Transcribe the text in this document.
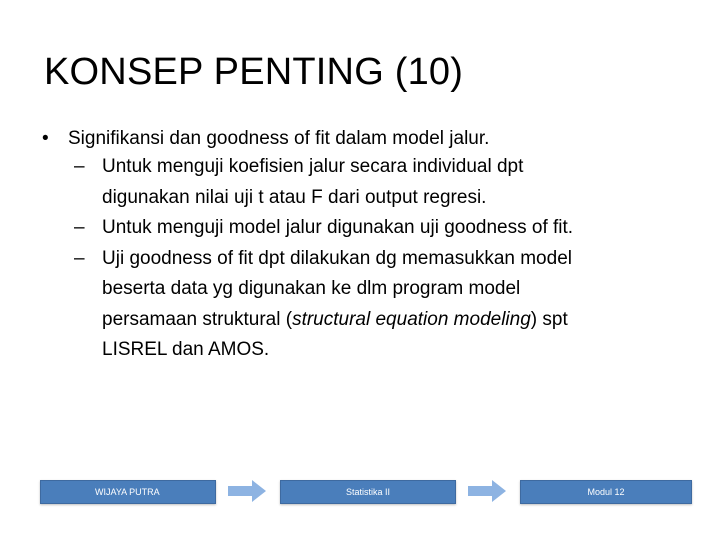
KONSEP PENTING (10)
• Signifikansi dan goodness of fit dalam model jalur.
– Untuk menguji koefisien jalur secara individual dpt
digunakan nilai uji t atau F dari output regresi.
– Untuk menguji model jalur digunakan uji goodness of fit.
– Uji goodness of fit dpt dilakukan dg memasukkan model
beserta data yg digunakan ke dlm program model
persamaan struktural (structural equation modeling) spt
LISREL dan AMOS.
WIJAYA PUTRA	Statistika II	Modul 12
